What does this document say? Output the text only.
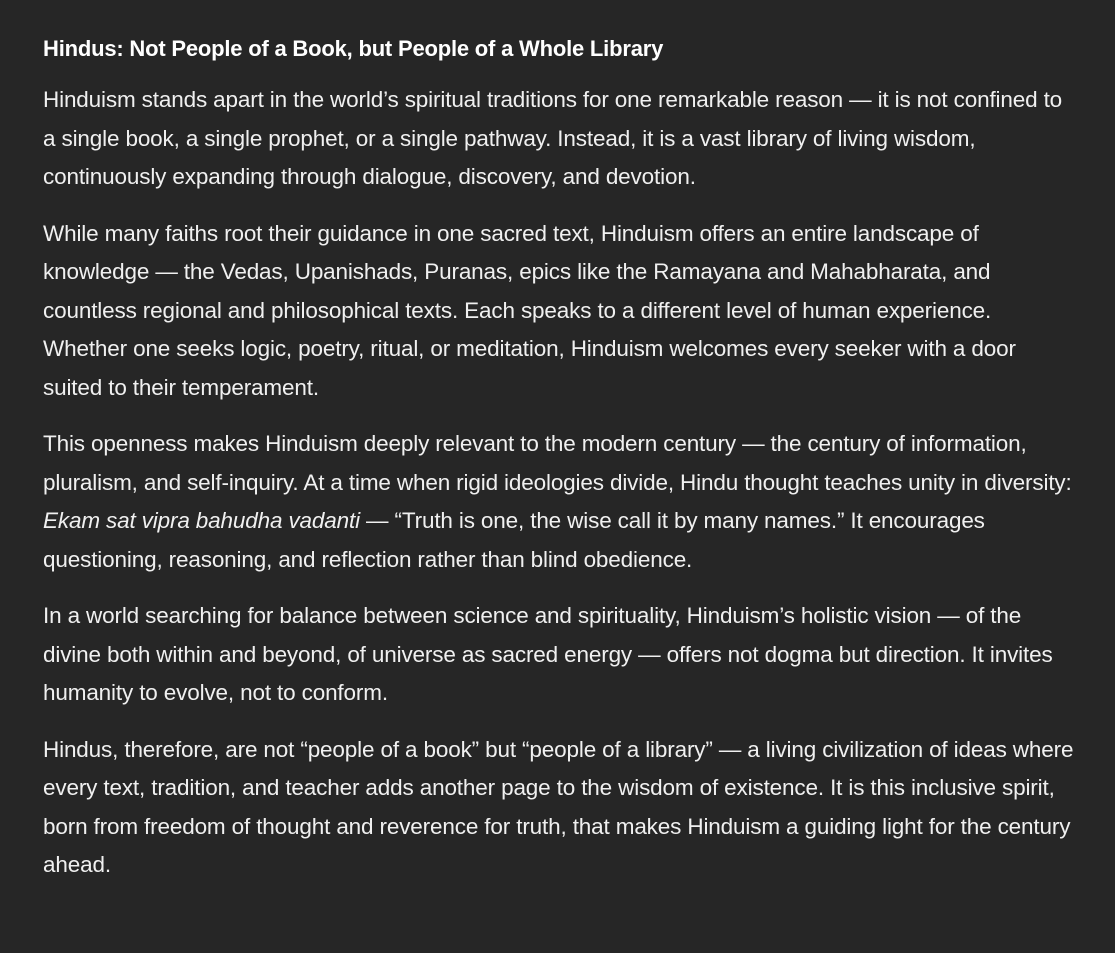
Hindus: Not People of a Book, but People of a Whole Library

Hinduism stands apart in the world’s spiritual traditions for one remarkable reason — it is not confined to a single book, a single prophet, or a single pathway. Instead, it is a vast library of living wisdom, continuously expanding through dialogue, discovery, and devotion.

While many faiths root their guidance in one sacred text, Hinduism offers an entire landscape of knowledge — the Vedas, Upanishads, Puranas, epics like the Ramayana and Mahabharata, and countless regional and philosophical texts. Each speaks to a different level of human experience. Whether one seeks logic, poetry, ritual, or meditation, Hinduism welcomes every seeker with a door suited to their temperament.

This openness makes Hinduism deeply relevant to the modern century — the century of information, pluralism, and self-inquiry. At a time when rigid ideologies divide, Hindu thought teaches unity in diversity: Ekam sat vipra bahudha vadanti — “Truth is one, the wise call it by many names.” It encourages questioning, reasoning, and reflection rather than blind obedience.

In a world searching for balance between science and spirituality, Hinduism’s holistic vision — of the divine both within and beyond, of universe as sacred energy — offers not dogma but direction. It invites humanity to evolve, not to conform.

Hindus, therefore, are not “people of a book” but “people of a library” — a living civilization of ideas where every text, tradition, and teacher adds another page to the wisdom of existence. It is this inclusive spirit, born from freedom of thought and reverence for truth, that makes Hinduism a guiding light for the century ahead.
